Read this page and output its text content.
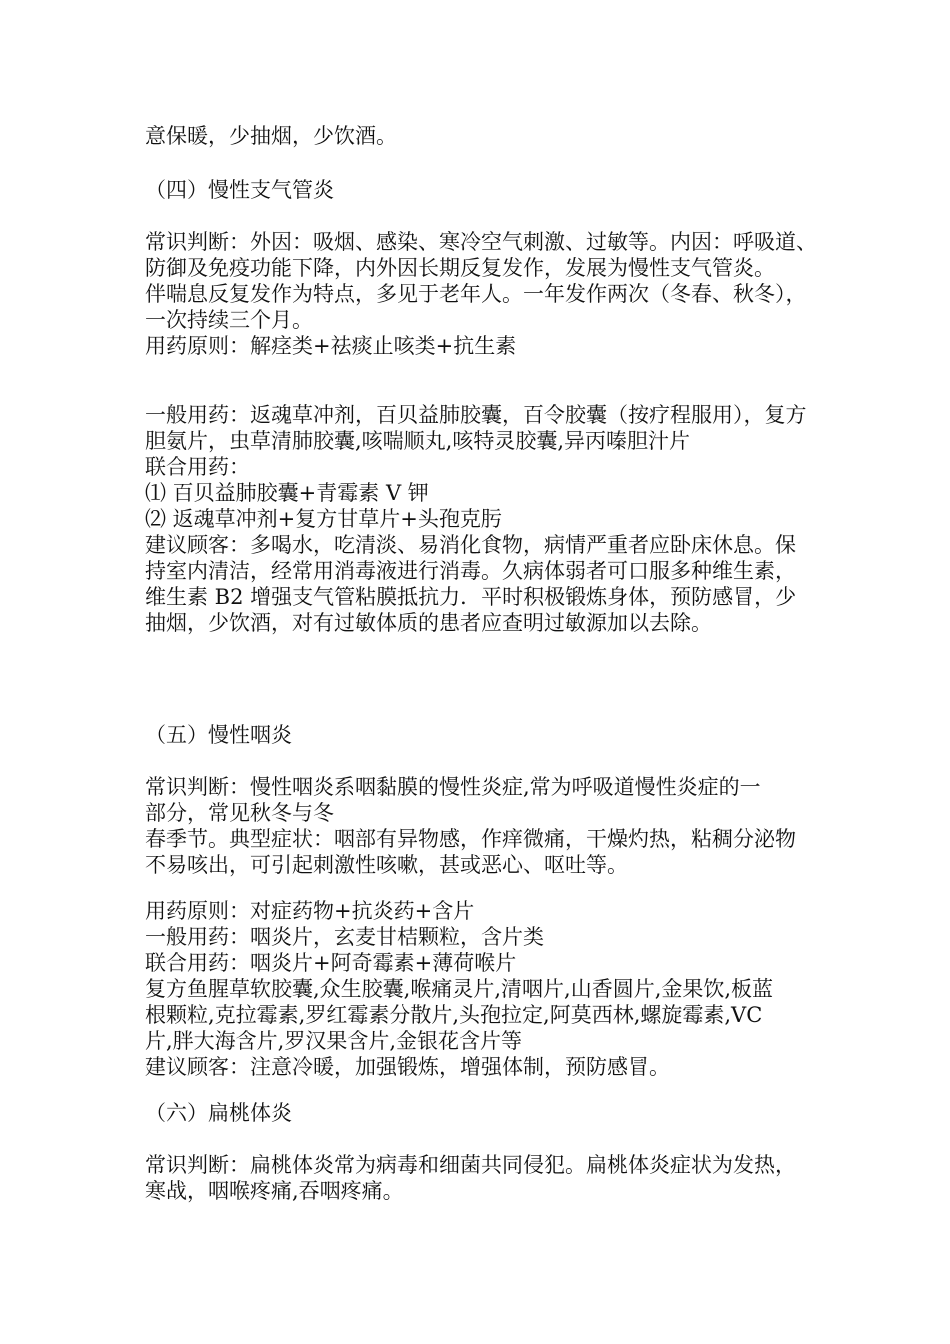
意保暖，少抽烟，少饮酒。
（四）慢性支气管炎
常识判断：外因：吸烟、感染、寒冷空气刺激、过敏等。内因：呼吸道、
防御及免疫功能下降，内外因长期反复发作，发展为慢性支气管炎。
伴喘息反复发作为特点，多见于老年人。一年发作两次（冬春、秋冬），
一次持续三个月。
用药原则：解痉类+祛痰止咳类+抗生素
一般用药：返魂草冲剂，百贝益肺胶囊，百令胶囊（按疗程服用），复方
胆氨片，虫草清肺胶囊,咳喘顺丸,咳特灵胶囊,异丙嗪胆汁片
联合用药：
⑴ 百贝益肺胶囊+青霉素 V 钾
⑵ 返魂草冲剂+复方甘草片+头孢克肟
建议顾客：多喝水，吃清淡、易消化食物，病情严重者应卧床休息。保
持室内清洁，经常用消毒液进行消毒。久病体弱者可口服多种维生素，
维生素 B2 增强支气管粘膜抵抗力．平时积极锻炼身体，预防感冒，少
抽烟，少饮酒，对有过敏体质的患者应查明过敏源加以去除。
（五）慢性咽炎
常识判断：慢性咽炎系咽黏膜的慢性炎症,常为呼吸道慢性炎症的一
部分，常见秋冬与冬
春季节。典型症状：咽部有异物感，作痒微痛，干燥灼热，粘稠分泌物
不易咳出，可引起刺激性咳嗽，甚或恶心、呕吐等。
用药原则：对症药物+抗炎药+含片
一般用药：咽炎片，玄麦甘桔颗粒，含片类
联合用药：咽炎片+阿奇霉素+薄荷喉片
复方鱼腥草软胶囊,众生胶囊,喉痛灵片,清咽片,山香圆片,金果饮,板蓝
根颗粒,克拉霉素,罗红霉素分散片,头孢拉定,阿莫西林,螺旋霉素,VC
片,胖大海含片,罗汉果含片,金银花含片等
建议顾客：注意冷暖，加强锻炼，增强体制，预防感冒。
（六）扁桃体炎
常识判断：扁桃体炎常为病毒和细菌共同侵犯。扁桃体炎症状为发热，
寒战，咽喉疼痛,吞咽疼痛。
